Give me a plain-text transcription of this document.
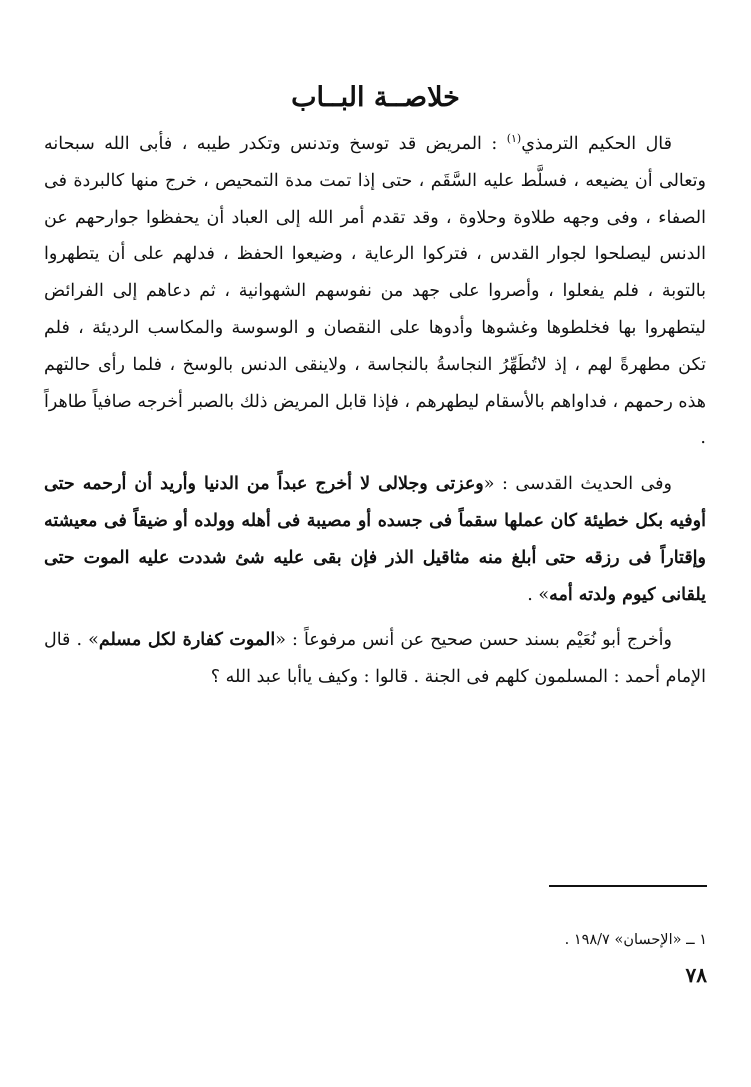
خلاصــة البــاب

قال الحكيم الترمذي$^{(١)}$ : المريض قد توسخ وتدنس وتكدر طيبه ، فأبى الله سبحانه وتعالى أن يضيعه ، فسلَّط عليه السَّقَم ، حتى إذا تمت مدة التمحيص ، خرج منها كالبردة فى الصفاء ، وفى وجهه طلاوة وحلاوة ، وقد تقدم أمر الله إلى العباد أن يحفظوا جوارحهم عن الدنس ليصلحوا لجوار القدس ، فتركوا الرعاية ، وضيعوا الحفظ ، فدلهم على أن يتطهروا بالتوبة ، فلم يفعلوا ، وأصروا على جهد من نفوسهم الشهوانية ، ثم دعاهم إلى الفرائض ليتطهروا بها فخلطوها وغشوها وأدوها على النقصان و الوسوسة والمكاسب الرديئة ، فلم تكن مطهرةً لهم ، إذ لاتُطَهِّرُ النجاسةُ بالنجاسة ، ولاينقى الدنس بالوسخ ، فلما رأى حالتهم هذه رحمهم ، فداواهم بالأسقام ليطهرهم ، فإذا قابل المريض ذلك بالصبر أخرجه صافياً طاهراً .

وفى الحديث القدسى : «وعزتى وجلالى لا أخرج عبداً من الدنيا وأريد أن أرحمه حتى أوفيه بكل خطيئة كان عملها سقماً فى جسده أو مصيبة فى أهله وولده أو ضيقاً فى معيشته وإقتاراً فى رزقه حتى أبلغ منه مثاقيل الذر فإن بقى عليه شئ شددت عليه الموت حتى يلقانى كيوم ولدته أمه» .

وأخرج أبو نُعَيْم بسند حسن صحيح عن أنس مرفوعاً : «الموت كفارة لكل مسلم» . قال الإمام أحمد : المسلمون كلهم فى الجنة . قالوا : وكيف ياأبا عبد الله ؟

١ ــ «الإحسان» ١٩٨/٧ .
٧٨
